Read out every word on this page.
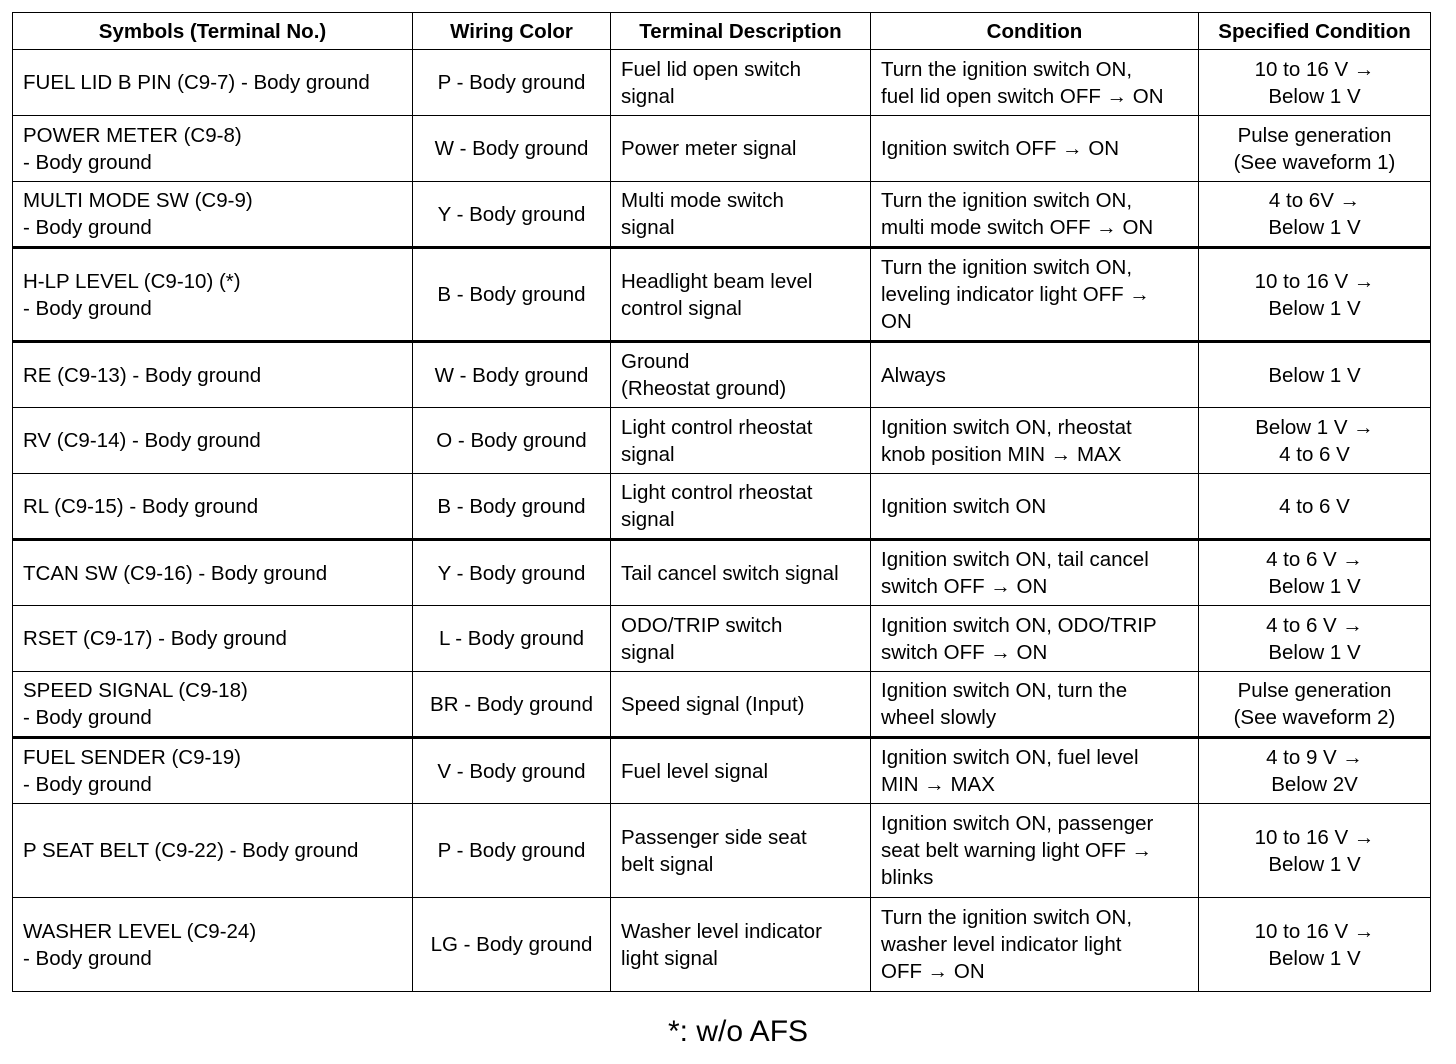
Symbols (Terminal No.)	Wiring Color	Terminal Description	Condition	Specified Condition
FUEL LID B PIN (C9-7) - Body ground	P - Body ground	Fuel lid open switch
signal	Turn the ignition switch ON,
fuel lid open switch OFF → ON	10 to 16 V →
Below 1 V
POWER METER (C9-8)
- Body ground	W - Body ground	Power meter signal	Ignition switch OFF → ON	Pulse generation
(See waveform 1)
MULTI MODE SW (C9-9)
- Body ground	Y - Body ground	Multi mode switch
signal	Turn the ignition switch ON,
multi mode switch OFF → ON	4 to 6V →
Below 1 V
H-LP LEVEL (C9-10) (*)
- Body ground	B - Body ground	Headlight beam level
control signal	Turn the ignition switch ON,
leveling indicator light OFF →
ON	10 to 16 V →
Below 1 V
RE (C9-13) - Body ground	W - Body ground	Ground
(Rheostat ground)	Always	Below 1 V
RV (C9-14) - Body ground	O - Body ground	Light control rheostat
signal	Ignition switch ON, rheostat
knob position MIN → MAX	Below 1 V →
4 to 6 V
RL (C9-15) - Body ground	B - Body ground	Light control rheostat
signal	Ignition switch ON	4 to 6 V
TCAN SW (C9-16) - Body ground	Y - Body ground	Tail cancel switch signal	Ignition switch ON, tail cancel
switch OFF → ON	4 to 6 V →
Below 1 V
RSET (C9-17) - Body ground	L - Body ground	ODO/TRIP switch
signal	Ignition switch ON, ODO/TRIP
switch OFF → ON	4 to 6 V →
Below 1 V
SPEED SIGNAL (C9-18)
- Body ground	BR - Body ground	Speed signal (Input)	Ignition switch ON, turn the
wheel slowly	Pulse generation
(See waveform 2)
FUEL SENDER (C9-19)
- Body ground	V - Body ground	Fuel level signal	Ignition switch ON, fuel level
MIN → MAX	4 to 9 V →
Below 2V
P SEAT BELT (C9-22) - Body ground	P - Body ground	Passenger side seat
belt signal	Ignition switch ON, passenger
seat belt warning light OFF →
blinks	10 to 16 V →
Below 1 V
WASHER LEVEL (C9-24)
- Body ground	LG - Body ground	Washer level indicator
light signal	Turn the ignition switch ON,
washer level indicator light
OFF → ON	10 to 16 V →
Below 1 V
*: w/o AFS
